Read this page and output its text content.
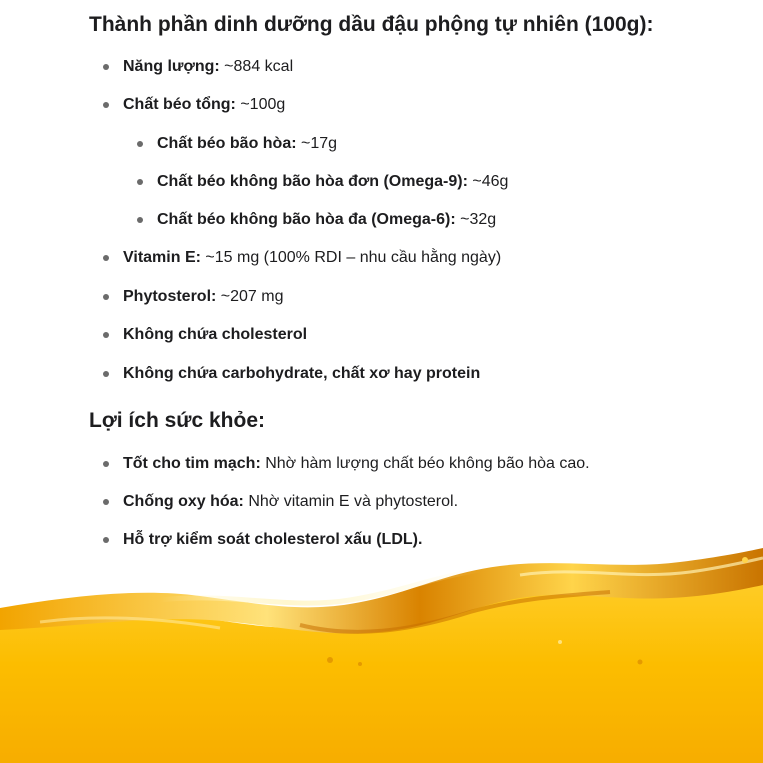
Thành phần dinh dưỡng dầu đậu phộng tự nhiên (100g):
Năng lượng: ~884 kcal
Chất béo tổng: ~100g
Chất béo bão hòa: ~17g
Chất béo không bão hòa đơn (Omega-9): ~46g
Chất béo không bão hòa đa (Omega-6): ~32g
Vitamin E: ~15 mg (100% RDI – nhu cầu hằng ngày)
Phytosterol: ~207 mg
Không chứa cholesterol
Không chứa carbohydrate, chất xơ hay protein
Lợi ích sức khỏe:
Tốt cho tim mạch: Nhờ hàm lượng chất béo không bão hòa cao.
Chống oxy hóa: Nhờ vitamin E và phytosterol.
Hỗ trợ kiểm soát cholesterol xấu (LDL).
